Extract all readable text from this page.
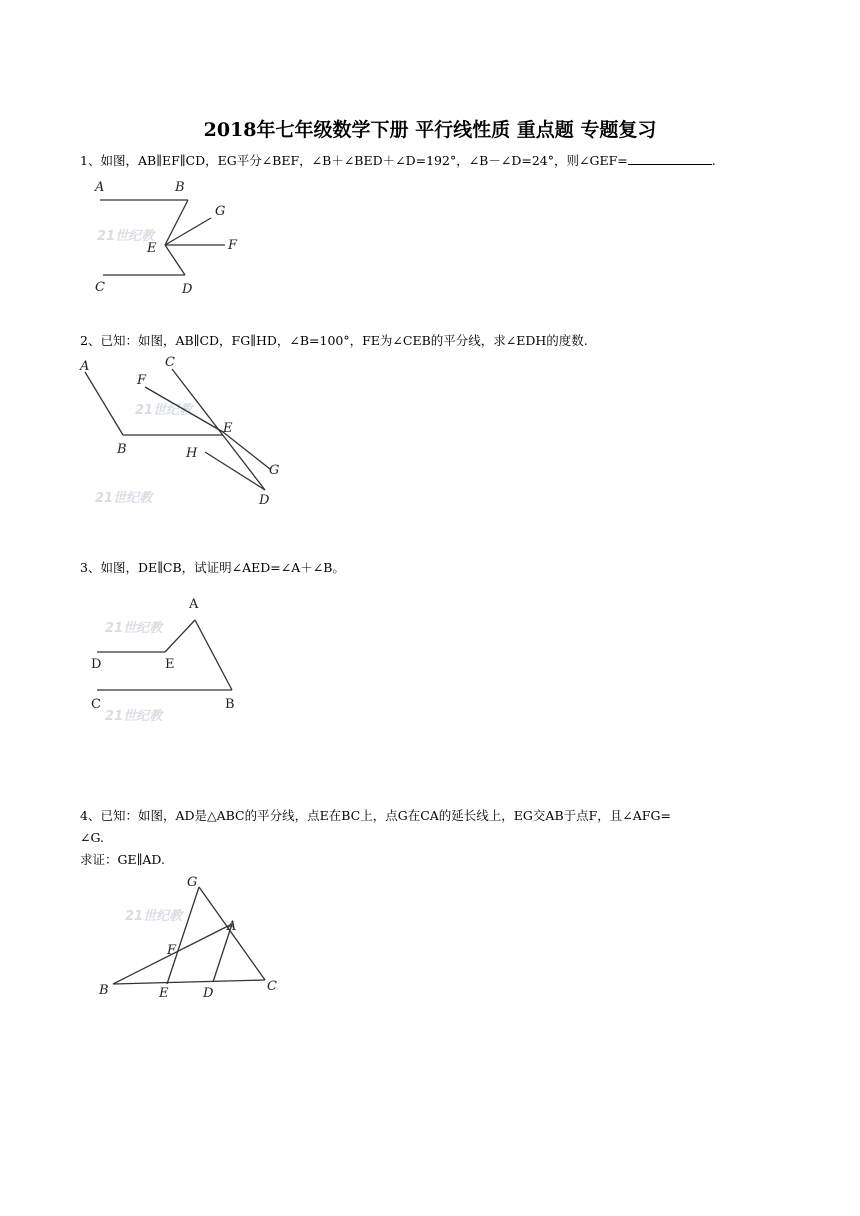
2018年七年级数学下册 平行线性质 重点题 专题复习
1、如图，AB∥EF∥CD，EG平分∠BEF，∠B＋∠BED＋∠D=192°，∠B－∠D=24°，则∠GEF=	.
21世纪教
A	B
G
E	F
C	D
2、已知：如图，AB∥CD，FG∥HD，∠B=100°，FE为∠CEB的平分线，求∠EDH的度数.
21世纪教
21世纪教
A	C
F
E
B	H
G
D
3、如图，DE∥CB，试证明∠AED=∠A＋∠B。
21世纪教
21世纪教
A
D	E
C	B
4、已知：如图，AD是△ABC的平分线，点E在BC上，点G在CA的延长线上，EG交AB于点F，且∠AFG=
∠G.
求证：GE∥AD.
21世纪教
G
A
F
B	E	D	C
